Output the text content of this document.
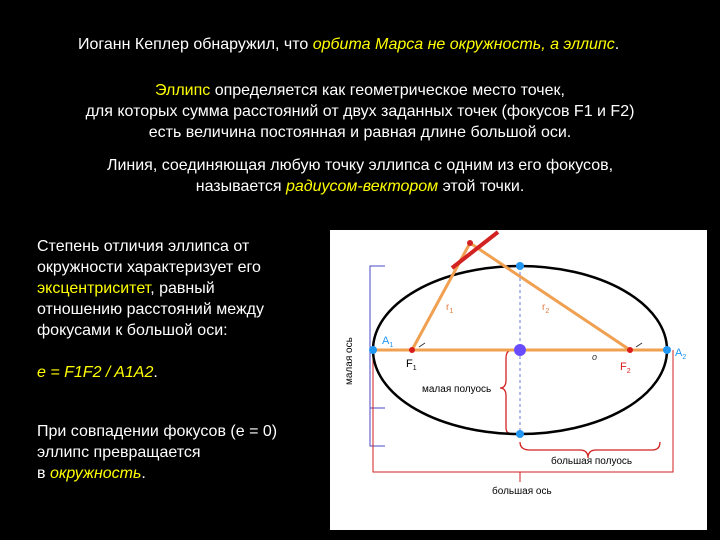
Иоганн Кеплер обнаружил, что орбита Марса не окружность, а эллипс.
Эллипс определяется как геометрическое место точек,
для которых сумма расстояний от двух заданных точек (фокусов F1 и F2)
есть величина постоянная и равная длине большой оси.
Линия, соединяющая любую точку эллипса с одним из его фокусов,
называется радиусом-вектором этой точки.
Степень отличия эллипса от
окружности характеризует его
эксцентриситет, равный
отношению расстояний между
фокусами к большой оси:
e = F1F2 / A1A2.
При совпадении фокусов (e = 0)
эллипс превращается
в окружность.
малая ось $A_1$
$A_2$
$F_1$	$F_2$
$r_1$	$r_2$
o
малая полуось
большая полуось
большая ось
